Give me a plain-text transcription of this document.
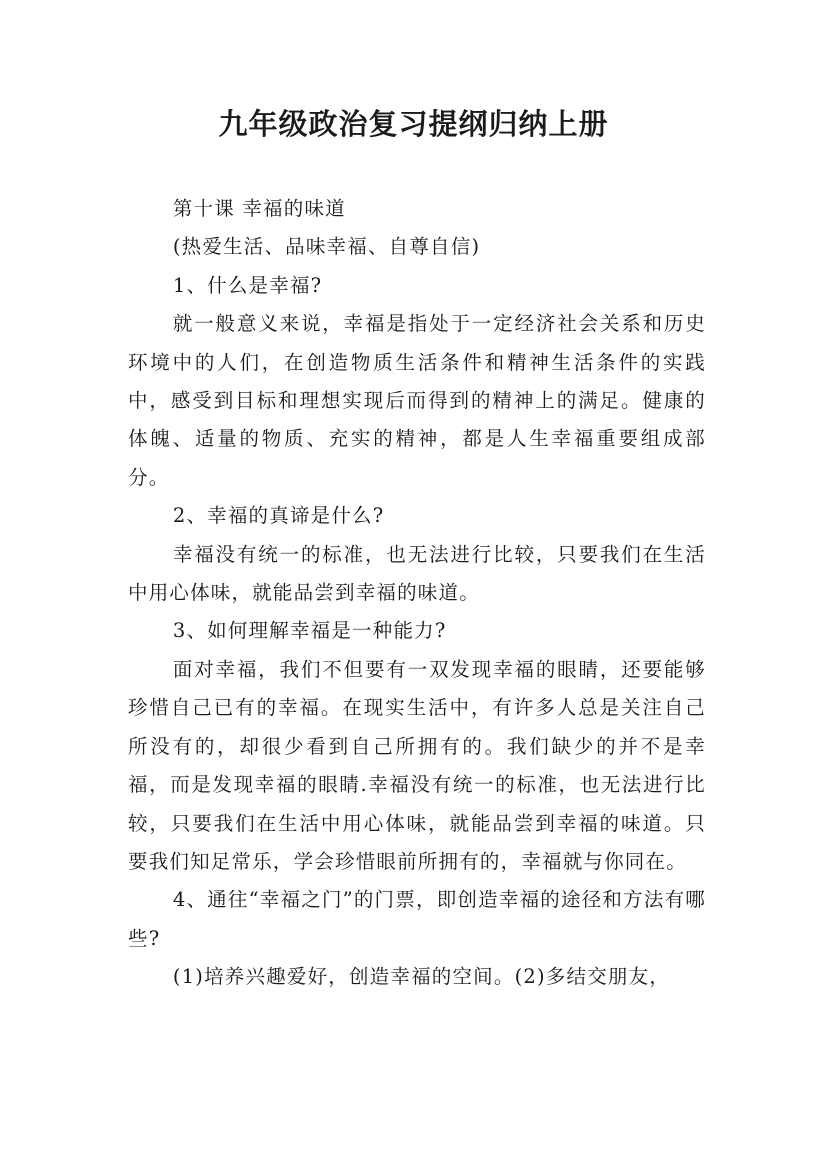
九年级政治复习提纲归纳上册

第十课 幸福的味道

(热爱生活、品味幸福、自尊自信)

1、什么是幸福?

就一般意义来说，幸福是指处于一定经济社会关系和历史环境中的人们，在创造物质生活条件和精神生活条件的实践中，感受到目标和理想实现后而得到的精神上的满足。健康的体魄、适量的物质、充实的精神，都是人生幸福重要组成部分。

2、幸福的真谛是什么?

幸福没有统一的标准，也无法进行比较，只要我们在生活中用心体味，就能品尝到幸福的味道。

3、如何理解幸福是一种能力?

面对幸福，我们不但要有一双发现幸福的眼睛，还要能够珍惜自己已有的幸福。在现实生活中，有许多人总是关注自己所没有的，却很少看到自己所拥有的。我们缺少的并不是幸福，而是发现幸福的眼睛.幸福没有统一的标准，也无法进行比较，只要我们在生活中用心体味，就能品尝到幸福的味道。只要我们知足常乐，学会珍惜眼前所拥有的，幸福就与你同在。

4、通往“幸福之门”的门票，即创造幸福的途径和方法有哪些?

(1)培养兴趣爱好，创造幸福的空间。(2)多结交朋友，
